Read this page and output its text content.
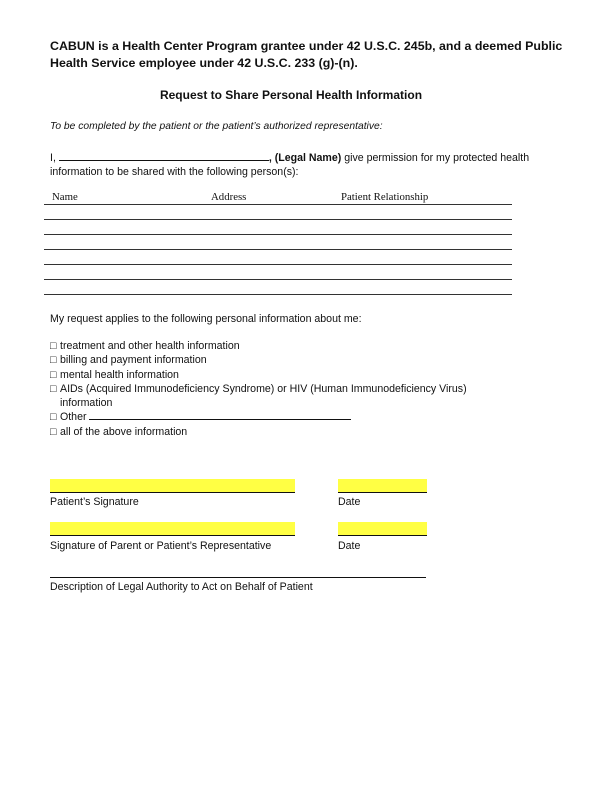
CABUN is a Health Center Program grantee under 42 U.S.C. 245b, and a deemed Public
Health Service employee under 42 U.S.C. 233 (g)-(n).
Request to Share Personal Health Information
To be completed by the patient or the patient’s authorized representative:
I,	, (Legal Name) give permission for my protected health
information to be shared with the following person(s):
Name	Address	Patient Relationship
My request applies to the following personal information about me:
□ treatment and other health information
□ billing and payment information
□ mental health information
□ AIDs (Acquired Immunodeficiency Syndrome) or HIV (Human Immunodeficiency Virus)
information
□ Other

□ all of the above information
Patient’s Signature	Date
Signature of Parent or Patient’s Representative	Date
Description of Legal Authority to Act on Behalf of Patient
